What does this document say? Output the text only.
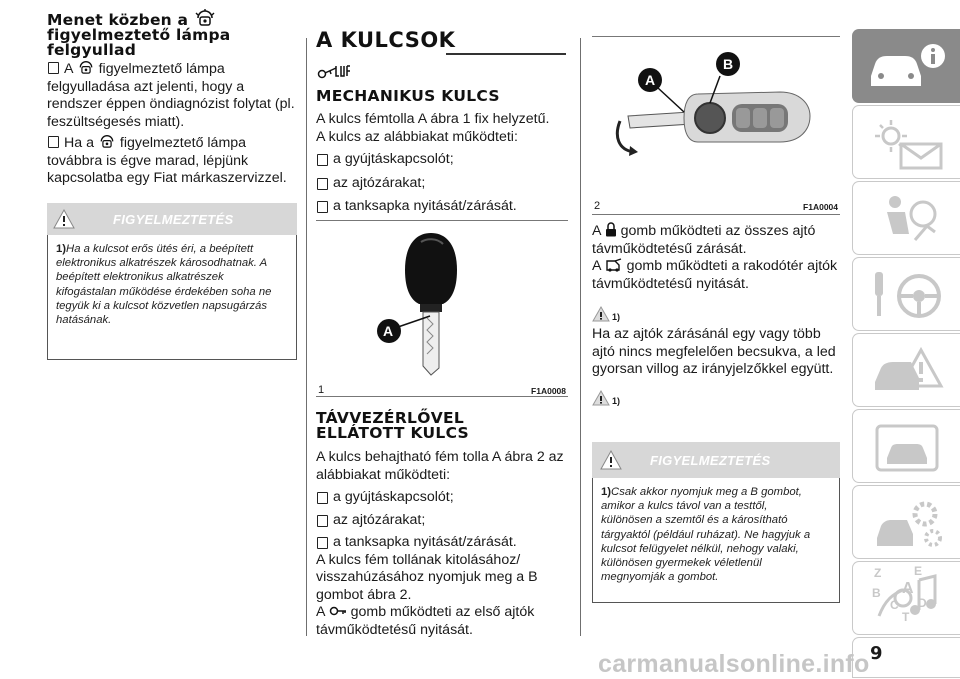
Menet közben a
figyelmeztető lámpa
felgyullad

A figyelmeztető lámpa

felgyulladása azt jelenti, hogy a

rendszer éppen öndiagnózist folytat (pl.

feszültségesés miatt).

Ha a figyelmeztető lámpa

továbbra is égve marad, lépjünk

kapcsolatba egy Fiat márkaszervizzel.

FIGYELMEZTETÉS
1)Ha a kulcsot erős ütés éri, a beépített
elektronikus alkatrészek károsodhatnak. A
beépített elektronikus alkatrészek
kifogástalan működése érdekében soha ne
tegyük ki a kulcsot közvetlen napsugárzás
hatásának.

A KULCSOK

MECHANIKUS KULCS

A kulcs fémtolla A ábra 1 fix helyzetű.

A kulcs az alábbiakat működteti:

a gyújtáskapcsolót;

az ajtózárakat;

a tanksapka nyitását/zárását.

A
1	F1A0008

TÁVVEZÉRLŐVEL
ELLÁTOTT KULCS

A kulcs behajtható fém tolla A ábra 2 az

alábbiakat működteti:

a gyújtáskapcsolót;

az ajtózárakat;

a tanksapka nyitását/zárását.

A kulcs fém tollának kitolásához/

visszahúzásához nyomjuk meg a B

gombot ábra 2.

A gomb működteti az első ajtók

távműködtetésű nyitását.

A
B
2	F1A0004

A gomb működteti az összes ajtó

távműködtetésű zárását.

A gomb működteti a rakodótér ajtók

távműködtetésű nyitását.

1)

Ha az ajtók zárásánál egy vagy több

ajtó nincs megfelelően becsukva, a led

gyorsan villog az irányjelzőkkel együtt.

1)
FIGYELMEZTETÉS
1)Csak akkor nyomjuk meg a B gombot,
amikor a kulcs távol van a testtől,
különösen a szemtől és a károsítható
tárgyaktól (például ruházat). Ne hagyjuk a
kulcsot felügyelet nélkül, nehogy valaki,
különösen gyermekek véletlenül
megnyomják a gombot.
9
carmanualsonline.info
Z	E
B A
C D
T
